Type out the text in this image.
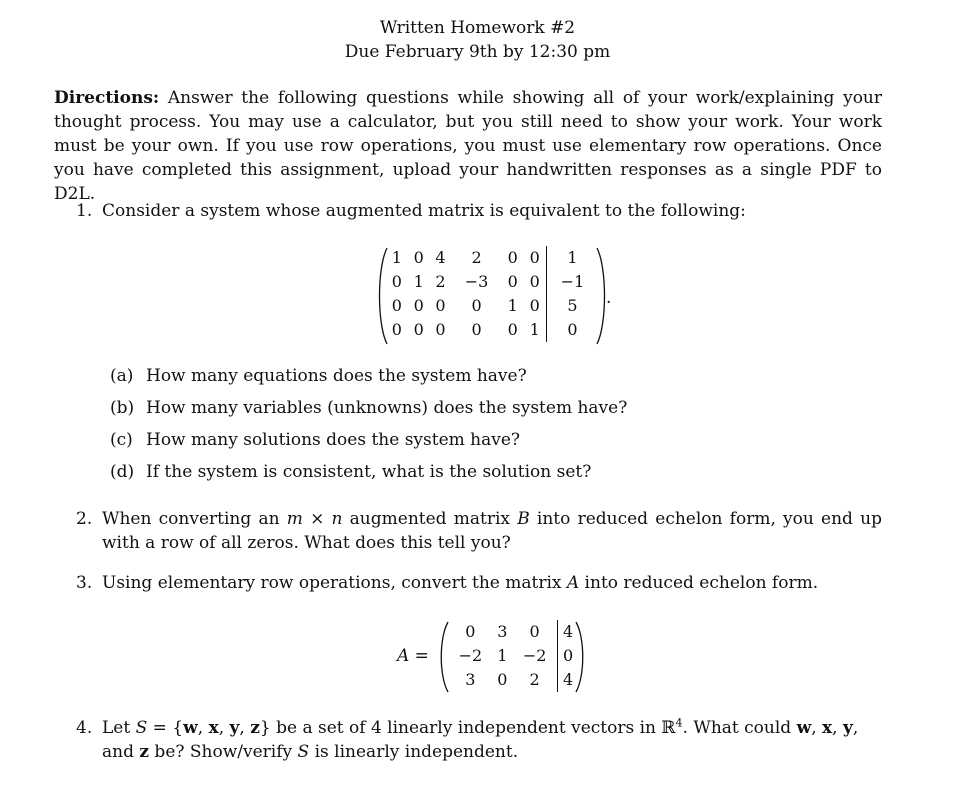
Written Homework #2
Due February 9th by 12:30 pm
Directions: Answer the following questions while showing all of your work/explaining your thought process. You may use a calculator, but you still need to show your work. Your work must be your own. If you use row operations, you must use elementary row operations. Once you have completed this assignment, upload your handwritten responses as a single PDF to D2L.
1. Consider a system whose augmented matrix is equivalent to the following:
1	0	4	2	0	0	1
0	1	2	−3	0	0	−1
0	0	0	0	1	0	5
0	0	0	0	0	1	0
.
(a) How many equations does the system have?
(b) How many variables (unknowns) does the system have?
(c) How many solutions does the system have?
(d) If the system is consistent, what is the solution set?
2. When converting an m × n augmented matrix B into reduced echelon form, you end up with a row of all zeros. What does this tell you?
3. Using elementary row operations, convert the matrix A into reduced echelon form.
A =
0	3	0	4
−2	1	−2	0
3	0	2	4
4. Let S = {w, x, y, z} be a set of 4 linearly independent vectors in ℝ$^4$. What could w, x, y,
and z be? Show/verify S is linearly independent.
